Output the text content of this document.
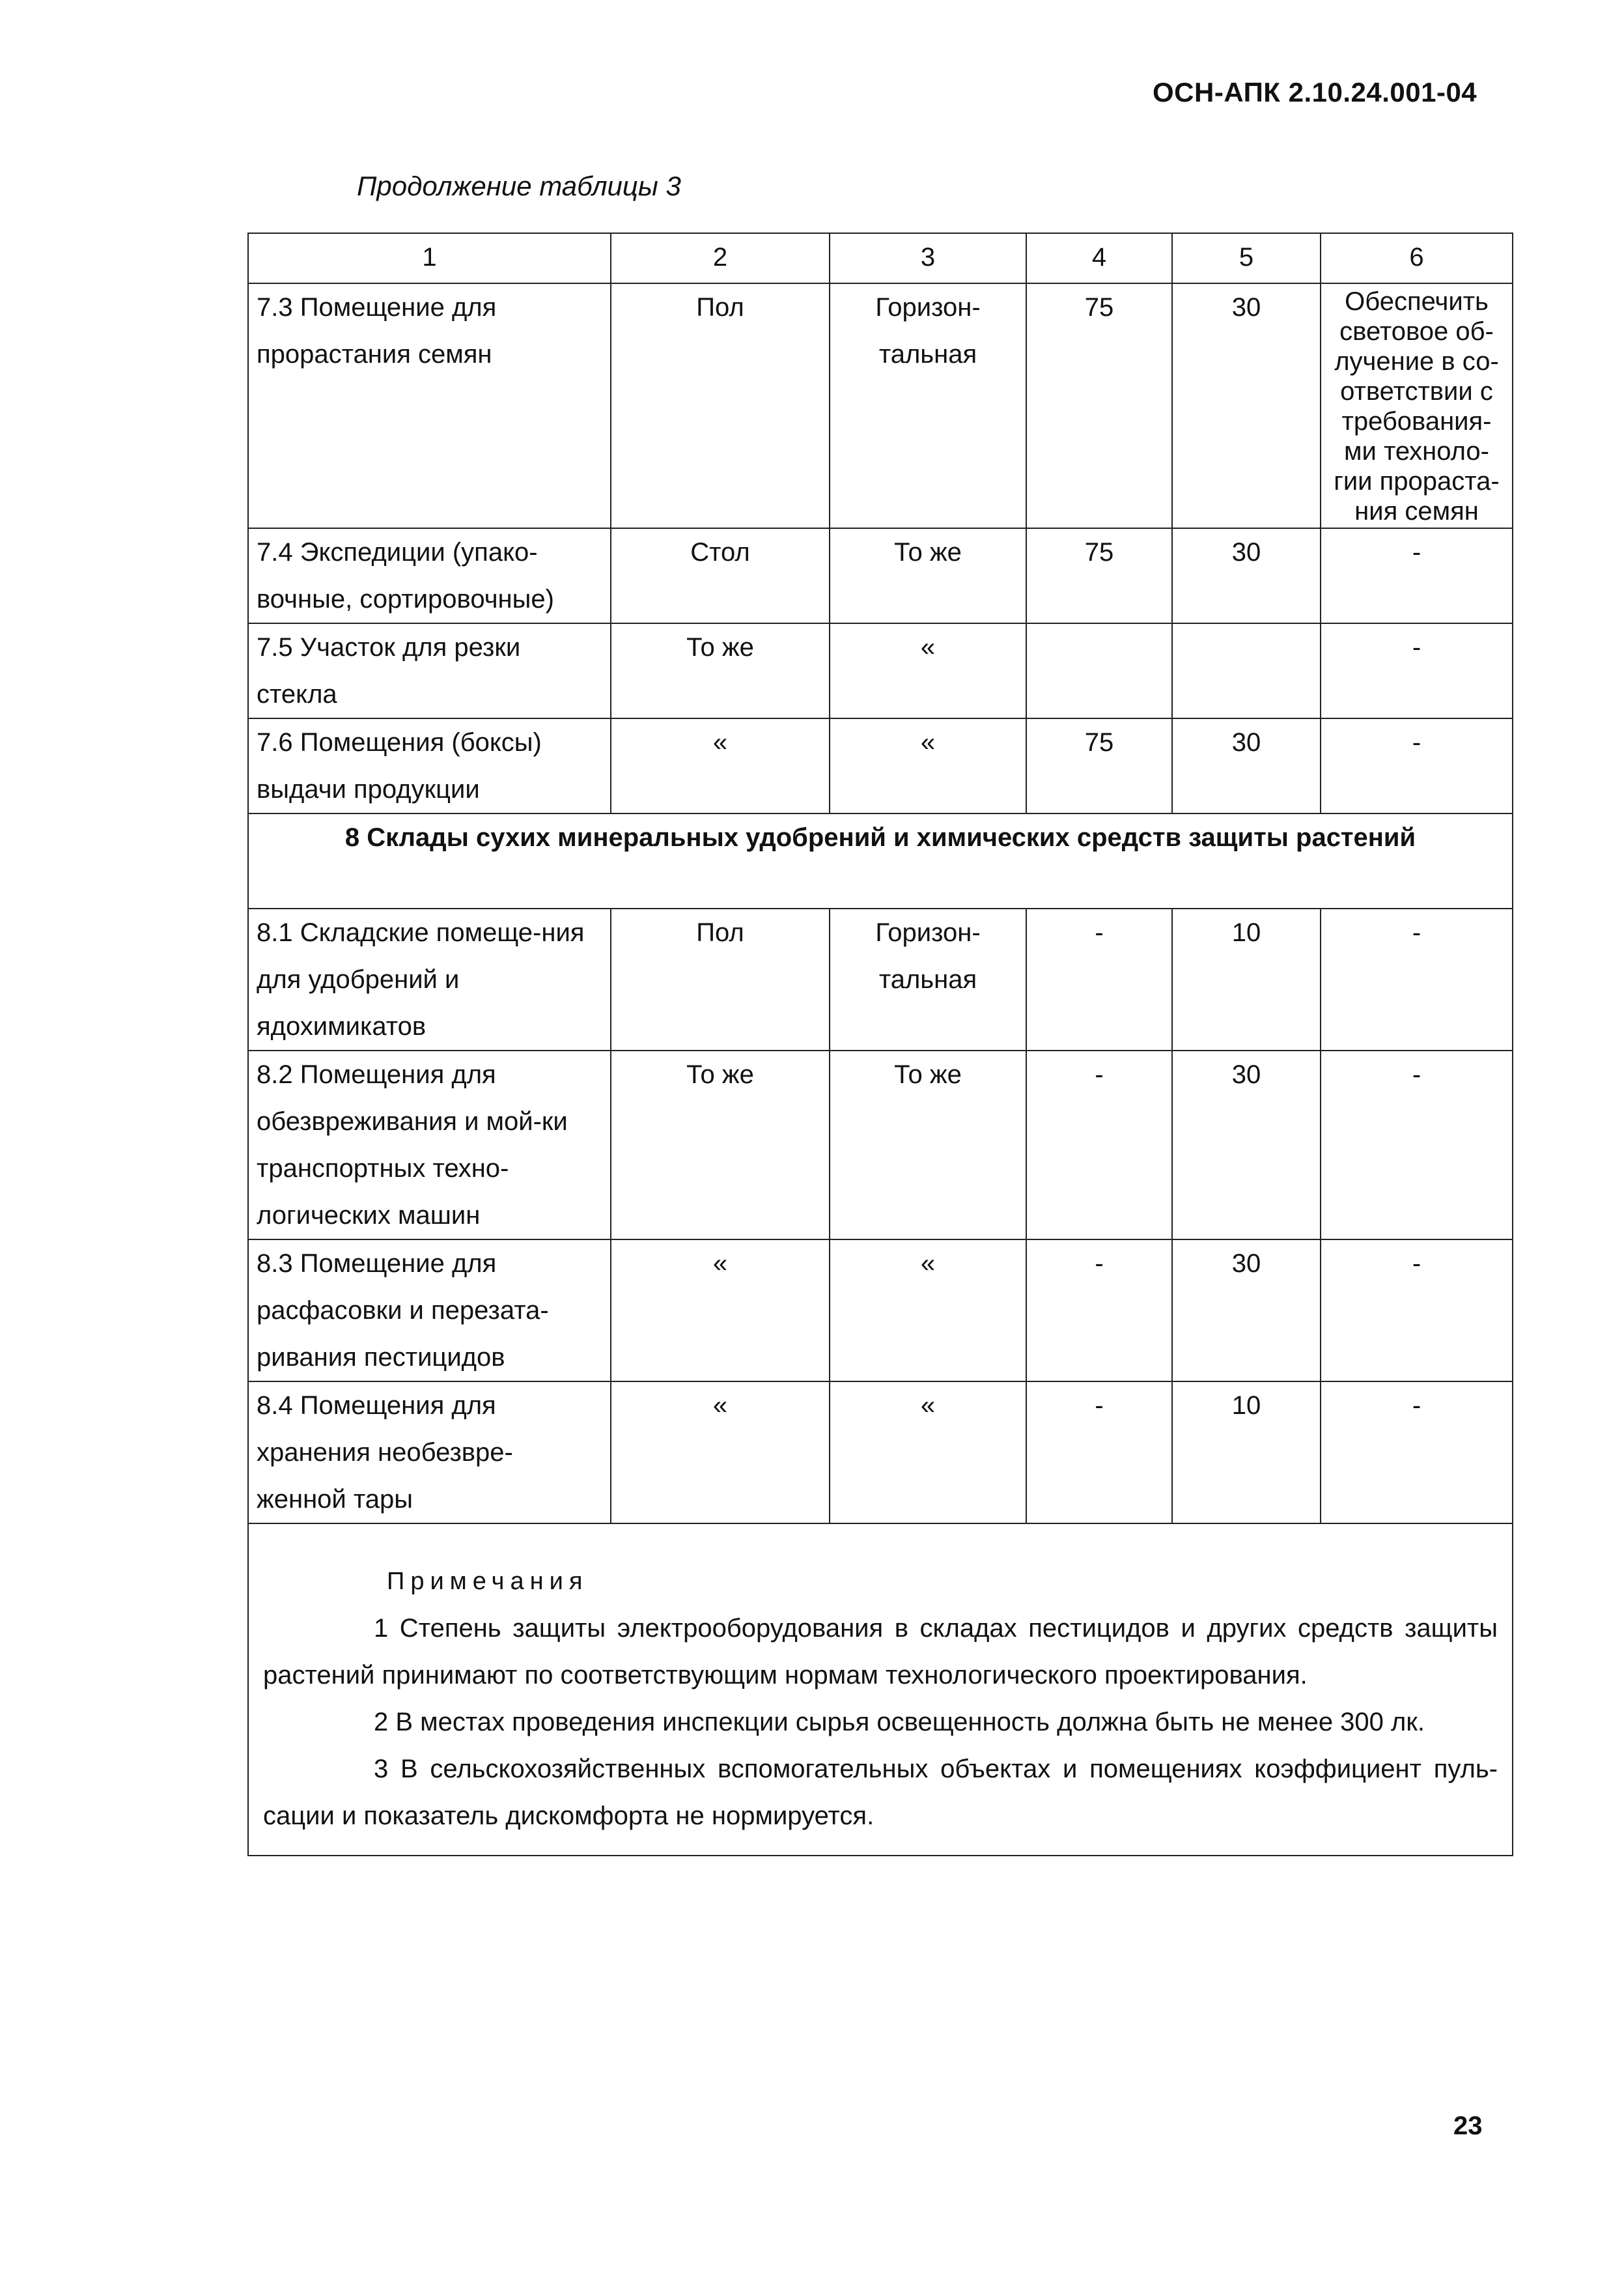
ОСН-АПК 2.10.24.001-04
Продолжение таблицы 3
1	2	3	4	5	6
7.3 Помещение для прорастания семян	Пол	Горизон-тальная	75	30	Обеспечить световое об-лучение в со-ответствии с требования-ми техноло-гии прораста-ния семян
7.4 Экспедиции (упако-вочные, сортировочные)	Стол	То же	75	30	-
7.5 Участок для резки стекла	То же	«			-
7.6 Помещения (боксы) выдачи продукции	«	«	75	30	-
8 Склады сухих минеральных удобрений и химических средств защиты растений					
8.1 Складские помеще-ния для удобрений и ядохимикатов	Пол	Горизон-тальная	-	10	-
8.2 Помещения для обезвреживания и мой-ки транспортных техно-логических машин	То же	То же	-	30	-
8.3 Помещение для расфасовки и перезата-ривания пестицидов	«	«	-	30	-
8.4 Помещения для хранения необезвре-женной тары	«	«	-	10	-

Примечания
1 Степень защиты электрооборудования в складах пестицидов и других средств защиты растений принимают по соответствующим нормам технологического проектирования.
2 В местах проведения инспекции сырья освещенность должна быть не менее 300 лк.
3 В сельскохозяйственных вспомогательных объектах и помещениях коэффициент пуль-сации и показатель дискомфорта не нормируется.					
23
